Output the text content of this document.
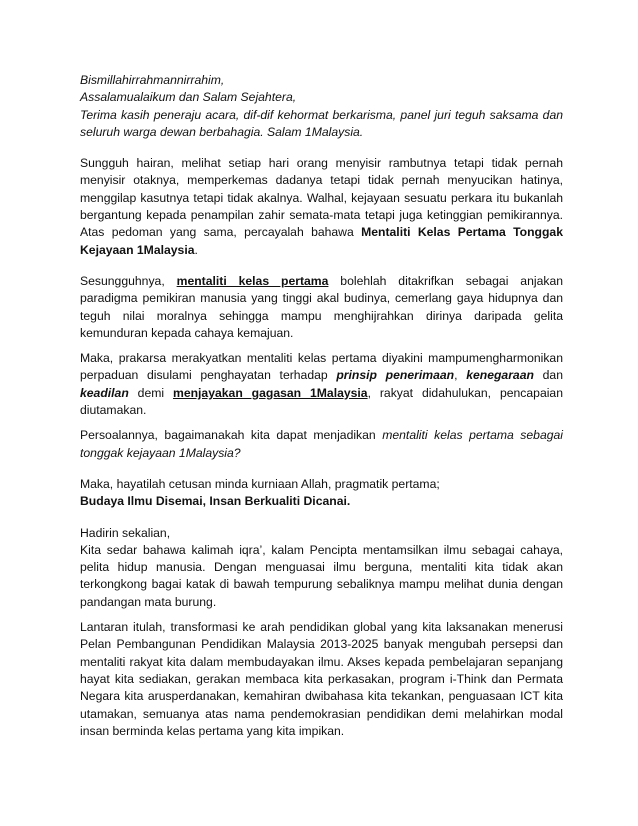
Bismillahirrahmannirrahim,
Assalamualaikum dan Salam Sejahtera,
Terima kasih peneraju acara, dif-dif kehormat berkarisma, panel juri teguh saksama dan seluruh warga dewan berbahagia. Salam 1Malaysia.
Sungguh hairan, melihat setiap hari orang menyisir rambutnya tetapi tidak pernah menyisir otaknya, memperkemas dadanya tetapi tidak pernah menyucikan hatinya, menggilap kasutnya tetapi tidak akalnya. Walhal, kejayaan sesuatu perkara itu bukanlah bergantung kepada penampilan zahir semata-mata tetapi juga ketinggian pemikirannya. Atas pedoman yang sama, percayalah bahawa Mentaliti Kelas Pertama Tonggak Kejayaan 1Malaysia.
Sesungguhnya, mentaliti kelas pertama bolehlah ditakrifkan sebagai anjakan paradigma pemikiran manusia yang tinggi akal budinya, cemerlang gaya hidupnya dan teguh nilai moralnya sehingga mampu menghijrahkan dirinya daripada gelita kemunduran kepada cahaya kemajuan.
Maka, prakarsa merakyatkan mentaliti kelas pertama diyakini mampumengharmonikan perpaduan disulami penghayatan terhadap prinsip penerimaan, kenegaraan dan keadilan demi menjayakan gagasan 1Malaysia, rakyat didahulukan, pencapaian diutamakan.
Persoalannya, bagaimanakah kita dapat menjadikan mentaliti kelas pertama sebagai tonggak kejayaan 1Malaysia?
Maka, hayatilah cetusan minda kurniaan Allah, pragmatik pertama;
Budaya Ilmu Disemai, Insan Berkualiti Dicanai.
Hadirin sekalian,
Kita sedar bahawa kalimah iqra’, kalam Pencipta mentamsilkan ilmu sebagai cahaya, pelita hidup manusia. Dengan menguasai ilmu berguna, mentaliti kita tidak akan terkongkong bagai katak di bawah tempurung sebaliknya mampu melihat dunia dengan pandangan mata burung.
Lantaran itulah, transformasi ke arah pendidikan global yang kita laksanakan menerusi Pelan Pembangunan Pendidikan Malaysia 2013-2025 banyak mengubah persepsi dan mentaliti rakyat kita dalam membudayakan ilmu. Akses kepada pembelajaran sepanjang hayat kita sediakan, gerakan membaca kita perkasakan, program i-Think dan Permata Negara kita arusperdanakan, kemahiran dwibahasa kita tekankan, penguasaan ICT kita utamakan, semuanya atas nama pendemokrasian pendidikan demi melahirkan modal insan berminda kelas pertama yang kita impikan.
